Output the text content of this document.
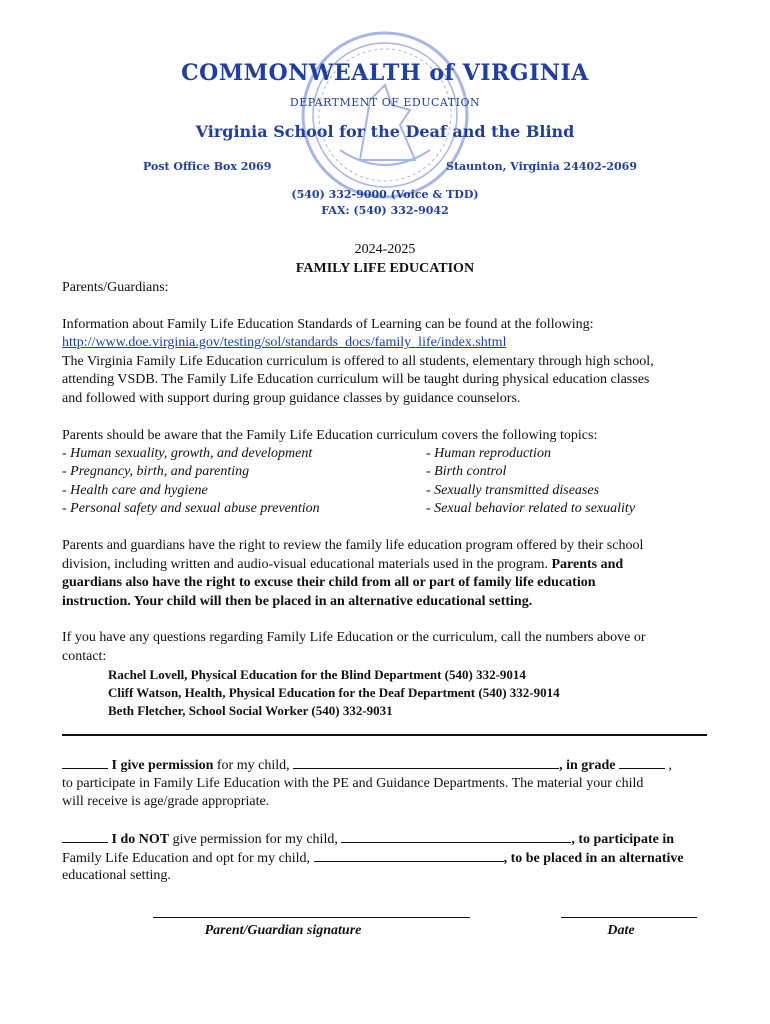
COMMONWEALTH of VIRGINIA
DEPARTMENT OF EDUCATION
Virginia School for the Deaf and the Blind
Post Office Box 2069	Staunton, Virginia 24402-2069
(540) 332-9000 (Voice & TDD)
FAX: (540) 332-9042
2024-2025
FAMILY LIFE EDUCATION
Parents/Guardians:
Information about Family Life Education Standards of Learning can be found at the following:
http://www.doe.virginia.gov/testing/sol/standards_docs/family_life/index.shtml
The Virginia Family Life Education curriculum is offered to all students, elementary through high school,
attending VSDB. The Family Life Education curriculum will be taught during physical education classes
and followed with support during group guidance classes by guidance counselors.
Parents should be aware that the Family Life Education curriculum covers the following topics:
- Human sexuality, growth, and development
- Pregnancy, birth, and parenting
- Health care and hygiene
- Personal safety and sexual abuse prevention
- Human reproduction
- Birth control
- Sexually transmitted diseases
- Sexual behavior related to sexuality
Parents and guardians have the right to review the family life education program offered by their school
division, including written and audio-visual educational materials used in the program. Parents and
guardians also have the right to excuse their child from all or part of family life education
instruction. Your child will then be placed in an alternative educational setting.
If you have any questions regarding Family Life Education or the curriculum, call the numbers above or
contact:
Rachel Lovell, Physical Education for the Blind Department (540) 332-9014
Cliff Watson, Health, Physical Education for the Deaf Department (540) 332-9014
Beth Fletcher, School Social Worker (540) 332-9031
I give permission for my child,	, in grade	,
to participate in Family Life Education with the PE and Guidance Departments. The material your child
will receive is age/grade appropriate.
I do NOT give permission for my child,	, to participate in
Family Life Education and opt for my child,	, to be placed in an alternative
educational setting.
Parent/Guardian signature	Date
